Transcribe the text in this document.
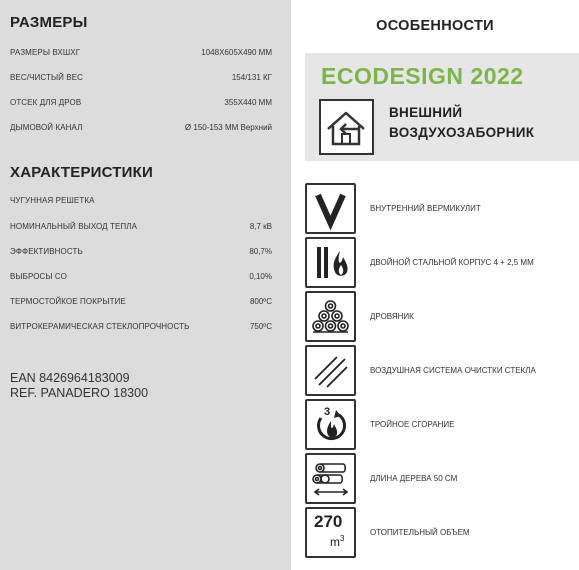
РАЗМЕРЫ
РАЗМЕРЫ ВХШХГ	1048X605X490 ММ
ВЕС/ЧИСТЫЙ ВЕС	154/131 КГ
ОТСЕК ДЛЯ ДРОВ	355X440 ММ
ДЫМОВОЙ КАНАЛ	Ø 150-153 ММ Верхний
ХАРАКТЕРИСТИКИ
ЧУГУННАЯ РЕШЕТКА
НОМИНАЛЬНЫЙ ВЫХОД ТЕПЛА	8,7 кВ
ЭФФЕКТИВНОСТЬ	80,7%
ВЫБРОСЫ СО	0,10%
ТЕРМОСТОЙКОЕ ПОКРЫТИЕ	800ºC
ВИТРОКЕРАМИЧЕСКАЯ СТЕКЛОПРОЧНОСТЬ	750ºC
EAN 8426964183009
REF. PANADERO 18300
ОСОБЕННОСТИ
ECODESIGN 2022
ВНЕШНИЙ
ВОЗДУХОЗАБОРНИК
ВНУТРЕННИЙ ВЕРМИКУЛИТ
ДВОЙНОЙ СТАЛЬНОЙ КОРПУС 4 + 2,5 ММ
ДРОВЯНИК
ВОЗДУШНАЯ СИСТЕМА ОЧИСТКИ СТЕКЛА
3
ТРОЙНОЕ СГОРАНИЕ
ДЛИНА ДЕРЕВА 50 СМ
270
$m^3$
ОТОПИТЕЛЬНЫЙ ОБЪЕМ
